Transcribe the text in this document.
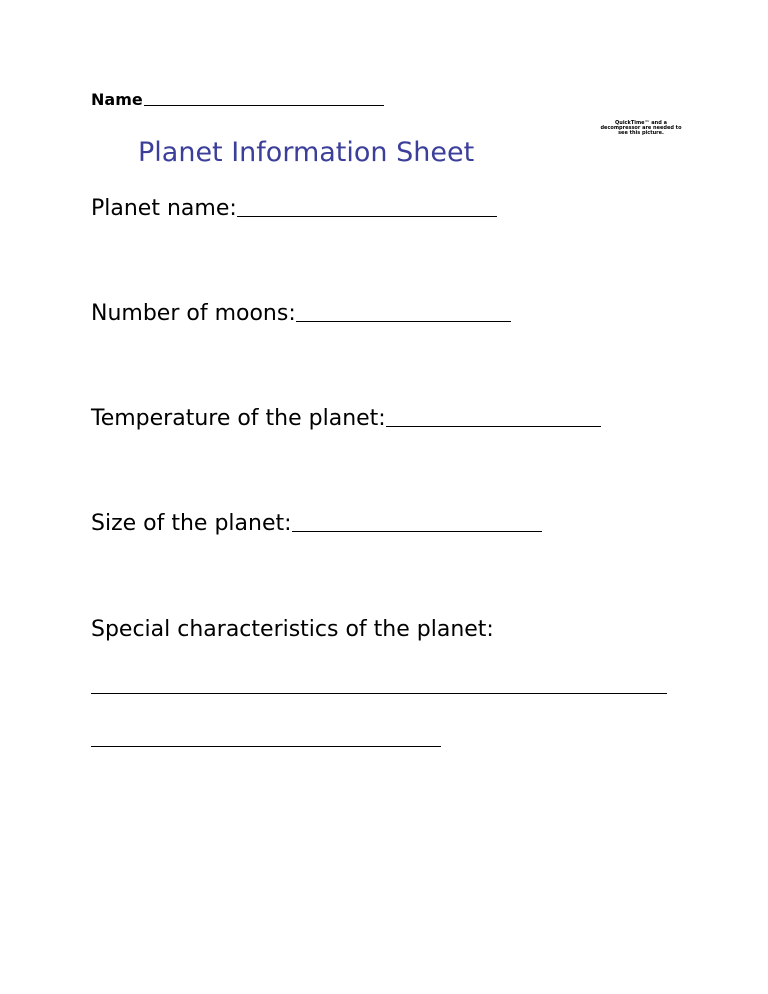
Name
QuickTime™ and a decompressor are needed to see this picture.
Planet Information Sheet
Planet name:
Number of moons:
Temperature of the planet:
Size of the planet:
Special characteristics of the planet:
